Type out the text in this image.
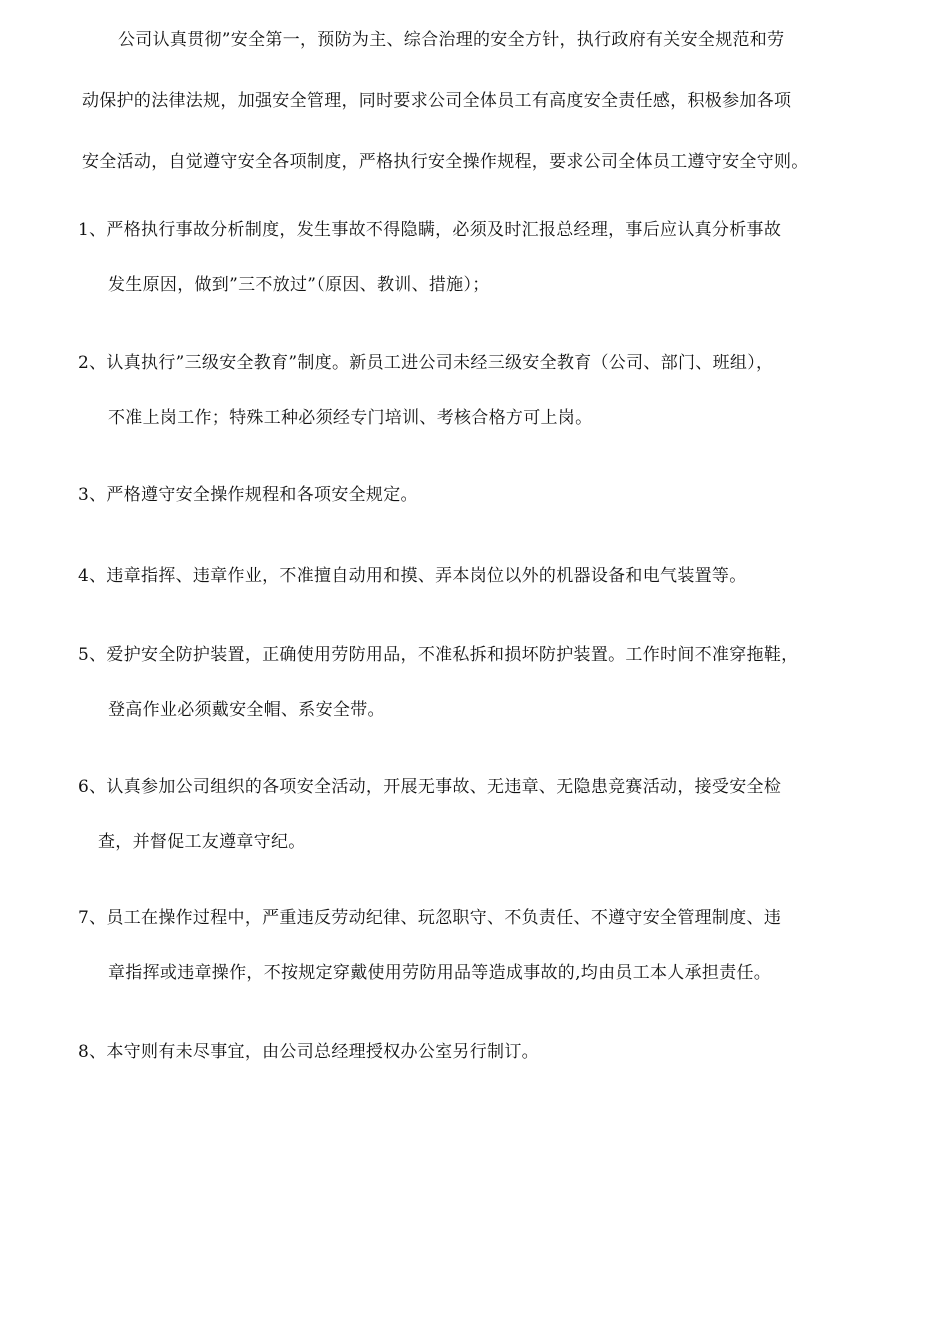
公司认真贯彻”安全第一，预防为主、综合治理的安全方针，执行政府有关安全规范和劳
动保护的法律法规，加强安全管理，同时要求公司全体员工有高度安全责任感，积极参加各项
安全活动，自觉遵守安全各项制度，严格执行安全操作规程，要求公司全体员工遵守安全守则。
1、严格执行事故分析制度，发生事故不得隐瞒，必须及时汇报总经理，事后应认真分析事故
发生原因，做到”三不放过”（原因、教训、措施）；
2、认真执行”三级安全教育”制度。新员工进公司未经三级安全教育（公司、部门、班组），
不准上岗工作；特殊工种必须经专门培训、考核合格方可上岗。
3、严格遵守安全操作规程和各项安全规定。
4、违章指挥、违章作业，不准擅自动用和摸、弄本岗位以外的机器设备和电气装置等。
5、爱护安全防护装置，正确使用劳防用品，不准私拆和损坏防护装置。工作时间不准穿拖鞋，
登高作业必须戴安全帽、系安全带。
6、认真参加公司组织的各项安全活动，开展无事故、无违章、无隐患竞赛活动，接受安全检
查，并督促工友遵章守纪。
7、员工在操作过程中，严重违反劳动纪律、玩忽职守、不负责任、不遵守安全管理制度、违
章指挥或违章操作，不按规定穿戴使用劳防用品等造成事故的,均由员工本人承担责任。
8、本守则有未尽事宜，由公司总经理授权办公室另行制订。
